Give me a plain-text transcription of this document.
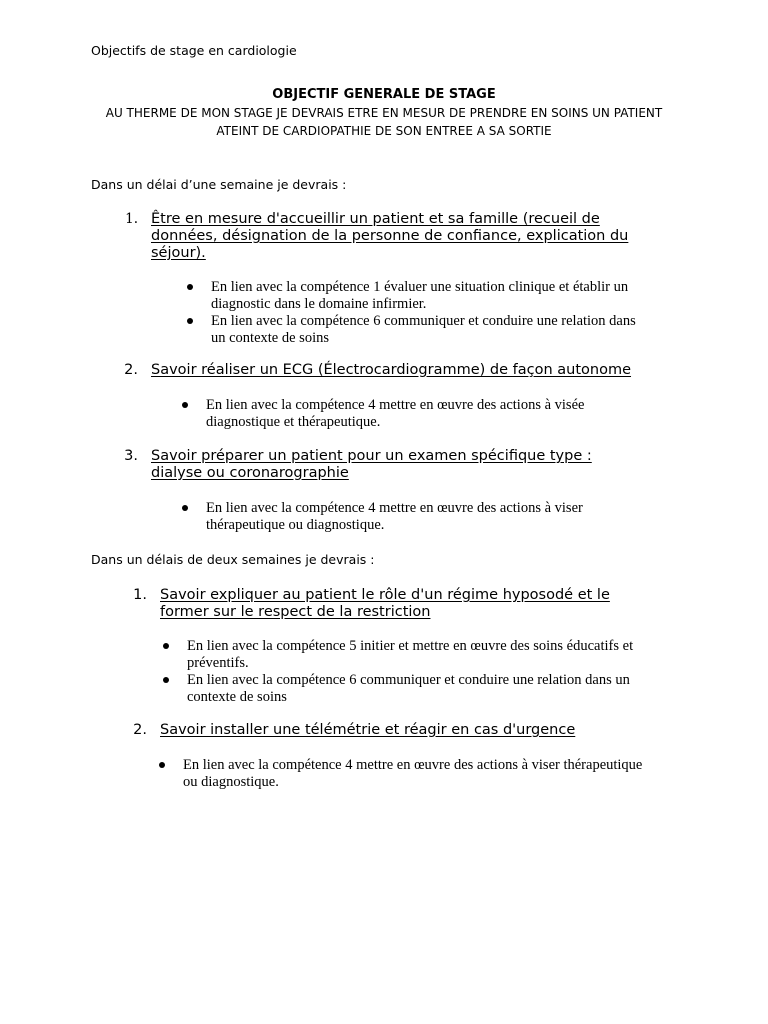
Objectifs de stage en cardiologie

OBJECTIF GENERALE DE STAGE

AU THERME DE MON STAGE JE DEVRAIS ETRE EN MESUR DE PRENDRE EN SOINS UN PATIENT
ATEINT DE CARDIOPATHIE DE SON ENTREE A SA SORTIE

Dans un délai d’une semaine je devrais :
1. Être en mesure d'accueillir un patient et sa famille (recueil de
données, désignation de la personne de confiance, explication du
séjour).
En lien avec la compétence 1 évaluer une situation clinique et établir un
diagnostic dans le domaine infirmier.
En lien avec la compétence 6 communiquer et conduire une relation dans
un contexte de soins
2. Savoir réaliser un ECG (Électrocardiogramme) de façon autonome
En lien avec la compétence 4 mettre en œuvre des actions à visée
diagnostique et thérapeutique.
3. Savoir préparer un patient pour un examen spécifique type :
dialyse ou coronarographie
En lien avec la compétence 4 mettre en œuvre des actions à viser
thérapeutique ou diagnostique.
Dans un délais de deux semaines je devrais :
1. Savoir expliquer au patient le rôle d'un régime hyposodé et le
former sur le respect de la restriction
En lien avec la compétence 5 initier et mettre en œuvre des soins éducatifs et
préventifs.
En lien avec la compétence 6 communiquer et conduire une relation dans un
contexte de soins
2. Savoir installer une télémétrie et réagir en cas d'urgence
En lien avec la compétence 4 mettre en œuvre des actions à viser thérapeutique
ou diagnostique.
